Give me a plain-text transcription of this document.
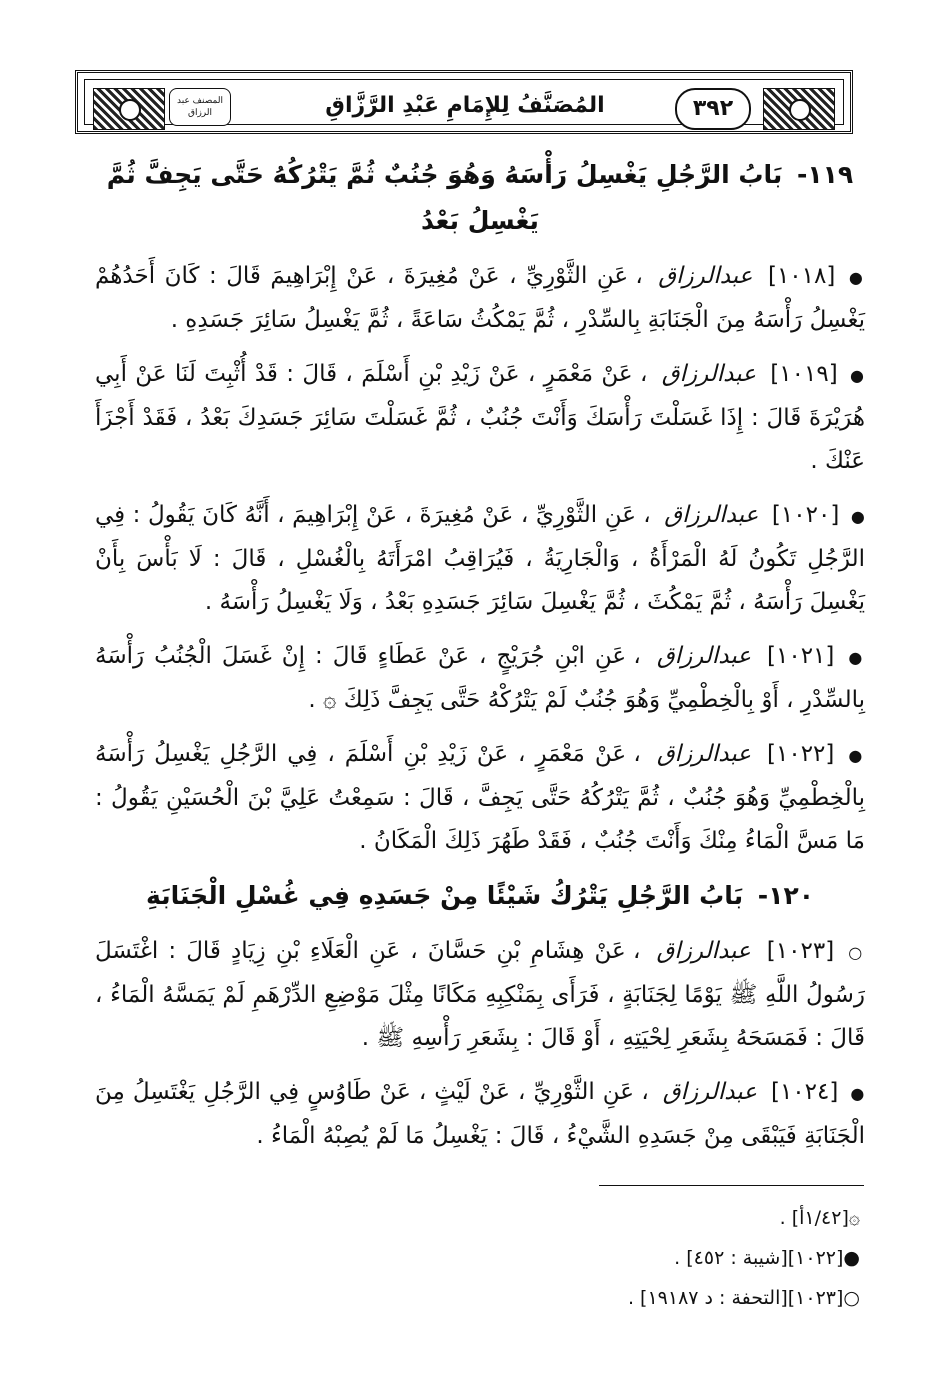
المصنف عبد الرزاق	المُصَنَّفُ لِلإِمَامِ عَبْدِ الرَّزَّاقِ	٣٩٢
١١٩- بَابُ الرَّجُلِ يَغْسِلُ رَأْسَهُ وَهُوَ جُنُبٌ ثُمَّ يَتْرُكُهُ حَتَّى يَجِفَّ ثُمَّ يَغْسِلُ بَعْدُ

● [١٠١٨] عبدالرزاق ، عَنِ الثَّوْرِيِّ ، عَنْ مُغِيرَةَ ، عَنْ إِبْرَاهِيمَ قَالَ : كَانَ أَحَدُهُمْ يَغْسِلُ رَأْسَهُ مِنَ الْجَنَابَةِ بِالسِّدْرِ ، ثُمَّ يَمْكُثُ سَاعَةً ، ثُمَّ يَغْسِلُ سَائِرَ جَسَدِهِ .

● [١٠١٩] عبدالرزاق ، عَنْ مَعْمَرٍ ، عَنْ زَيْدِ بْنِ أَسْلَمَ ، قَالَ : قَدْ أُثْبِتَ لَنَا عَنْ أَبِي هُرَيْرَةَ قَالَ : إِذَا غَسَلْتَ رَأْسَكَ وَأَنْتَ جُنُبٌ ، ثُمَّ غَسَلْتَ سَائِرَ جَسَدِكَ بَعْدُ ، فَقَدْ أَجْزَأَ عَنْكَ .

● [١٠٢٠] عبدالرزاق ، عَنِ الثَّوْرِيِّ ، عَنْ مُغِيرَةَ ، عَنْ إِبْرَاهِيمَ ، أَنَّهُ كَانَ يَقُولُ : فِي الرَّجُلِ تَكُونُ لَهُ الْمَرْأَةُ ، وَالْجَارِيَةُ ، فَيُرَاقِبُ امْرَأَتَهُ بِالْغُسْلِ ، قَالَ : لَا بَأْسَ بِأَنْ يَغْسِلَ رَأْسَهُ ، ثُمَّ يَمْكُثَ ، ثُمَّ يَغْسِلَ سَائِرَ جَسَدِهِ بَعْدُ ، وَلَا يَغْسِلُ رَأْسَهُ .

● [١٠٢١] عبدالرزاق ، عَنِ ابْنِ جُرَيْجٍ ، عَنْ عَطَاءٍ قَالَ : إِنْ غَسَلَ الْجُنُبُ رَأْسَهُ بِالسِّدْرِ ، أَوْ بِالْخِطْمِيِّ وَهُوَ جُنُبٌ لَمْ يَتْرُكْهُ حَتَّى يَجِفَّ ذَلِكَ ۞ .

● [١٠٢٢] عبدالرزاق ، عَنْ مَعْمَرٍ ، عَنْ زَيْدِ بْنِ أَسْلَمَ ، فِي الرَّجُلِ يَغْسِلُ رَأْسَهُ بِالْخِطْمِيِّ وَهُوَ جُنُبٌ ، ثُمَّ يَتْرُكُهُ حَتَّى يَجِفَّ ، قَالَ : سَمِعْتُ عَلِيَّ بْنَ الْحُسَيْنِ يَقُولُ : مَا مَسَّ الْمَاءُ مِنْكَ وَأَنْتَ جُنُبٌ ، فَقَدْ طَهُرَ ذَلِكَ الْمَكَانُ .

١٢٠- بَابُ الرَّجُلِ يَتْرُكُ شَيْئًا مِنْ جَسَدِهِ فِي غُسْلِ الْجَنَابَةِ

○ [١٠٢٣] عبدالرزاق ، عَنْ هِشَامِ بْنِ حَسَّانَ ، عَنِ الْعَلَاءِ بْنِ زِيَادٍ قَالَ : اغْتَسَلَ رَسُولُ اللَّهِ ﷺ يَوْمًا لِجَنَابَةٍ ، فَرَأَى بِمَنْكِبِهِ مَكَانًا مِثْلَ مَوْضِعِ الدِّرْهَمِ لَمْ يَمَسَّهُ الْمَاءُ ، قَالَ : فَمَسَحَهُ بِشَعَرِ لِحْيَتِهِ ، أَوْ قَالَ : بِشَعَرِ رَأْسِهِ ﷺ .

● [١٠٢٤] عبدالرزاق ، عَنِ الثَّوْرِيِّ ، عَنْ لَيْثٍ ، عَنْ طَاوُسٍ فِي الرَّجُلِ يَغْتَسِلُ مِنَ الْجَنَابَةِ فَيَبْقَى مِنْ جَسَدِهِ الشَّيْءُ ، قَالَ : يَغْسِلُ مَا لَمْ يُصِبْهُ الْمَاءُ .

۞[١/٤٢أ] .
●[١٠٢٢][شيبة : ٤٥٢] .
○[١٠٢٣][التحفة : د ١٩١٨٧] .
